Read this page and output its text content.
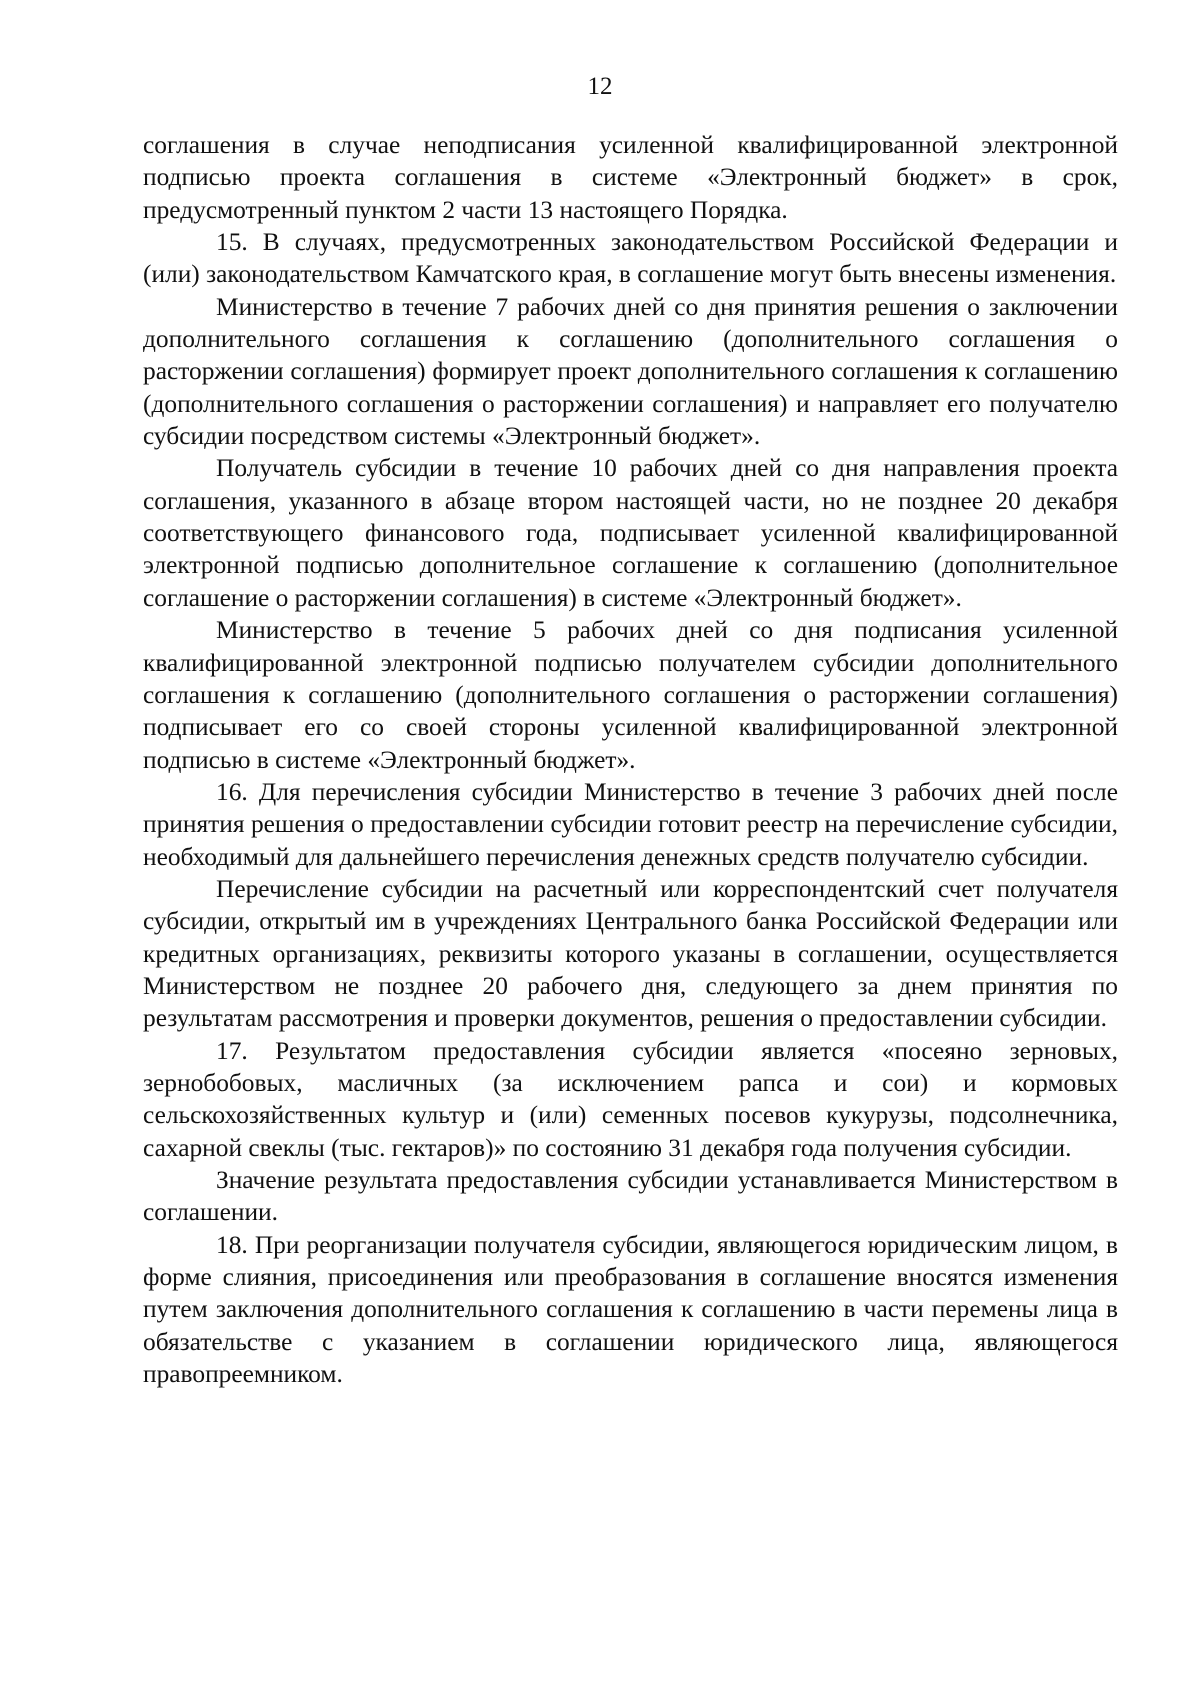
12

соглашения в случае неподписания усиленной квалифицированной электронной подписью проекта соглашения в системе «Электронный бюджет» в срок, предусмотренный пунктом 2 части 13 настоящего Порядка.

15. В случаях, предусмотренных законодательством Российской Федерации и (или) законодательством Камчатского края, в соглашение могут быть внесены изменения.

Министерство в течение 7 рабочих дней со дня принятия решения о заключении дополнительного соглашения к соглашению (дополнительного соглашения о расторжении соглашения) формирует проект дополнительного соглашения к соглашению (дополнительного соглашения о расторжении соглашения) и направляет его получателю субсидии посредством системы «Электронный бюджет».

Получатель субсидии в течение 10 рабочих дней со дня направления проекта соглашения, указанного в абзаце втором настоящей части, но не позднее 20 декабря соответствующего финансового года, подписывает усиленной квалифицированной электронной подписью дополнительное соглашение к соглашению (дополнительное соглашение о расторжении соглашения) в системе «Электронный бюджет».

Министерство в течение 5 рабочих дней со дня подписания усиленной квалифицированной электронной подписью получателем субсидии дополнительного соглашения к соглашению (дополнительного соглашения о расторжении соглашения) подписывает его со своей стороны усиленной квалифицированной электронной подписью в системе «Электронный бюджет».

16. Для перечисления субсидии Министерство в течение 3 рабочих дней после принятия решения о предоставлении субсидии готовит реестр на перечисление субсидии, необходимый для дальнейшего перечисления денежных средств получателю субсидии.

Перечисление субсидии на расчетный или корреспондентский счет получателя субсидии, открытый им в учреждениях Центрального банка Российской Федерации или кредитных организациях, реквизиты которого указаны в соглашении, осуществляется Министерством не позднее 20 рабочего дня, следующего за днем принятия по результатам рассмотрения и проверки документов, решения о предоставлении субсидии.

17. Результатом предоставления субсидии является «посеяно зерновых, зернобобовых, масличных (за исключением рапса и сои) и кормовых сельскохозяйственных культур и (или) семенных посевов кукурузы, подсолнечника, сахарной свеклы (тыс. гектаров)» по состоянию 31 декабря года получения субсидии.

Значение результата предоставления субсидии устанавливается Министерством в соглашении.

18. При реорганизации получателя субсидии, являющегося юридическим лицом, в форме слияния, присоединения или преобразования в соглашение вносятся изменения путем заключения дополнительного соглашения к соглашению в части перемены лица в обязательстве с указанием в соглашении юридического лица, являющегося правопреемником.
